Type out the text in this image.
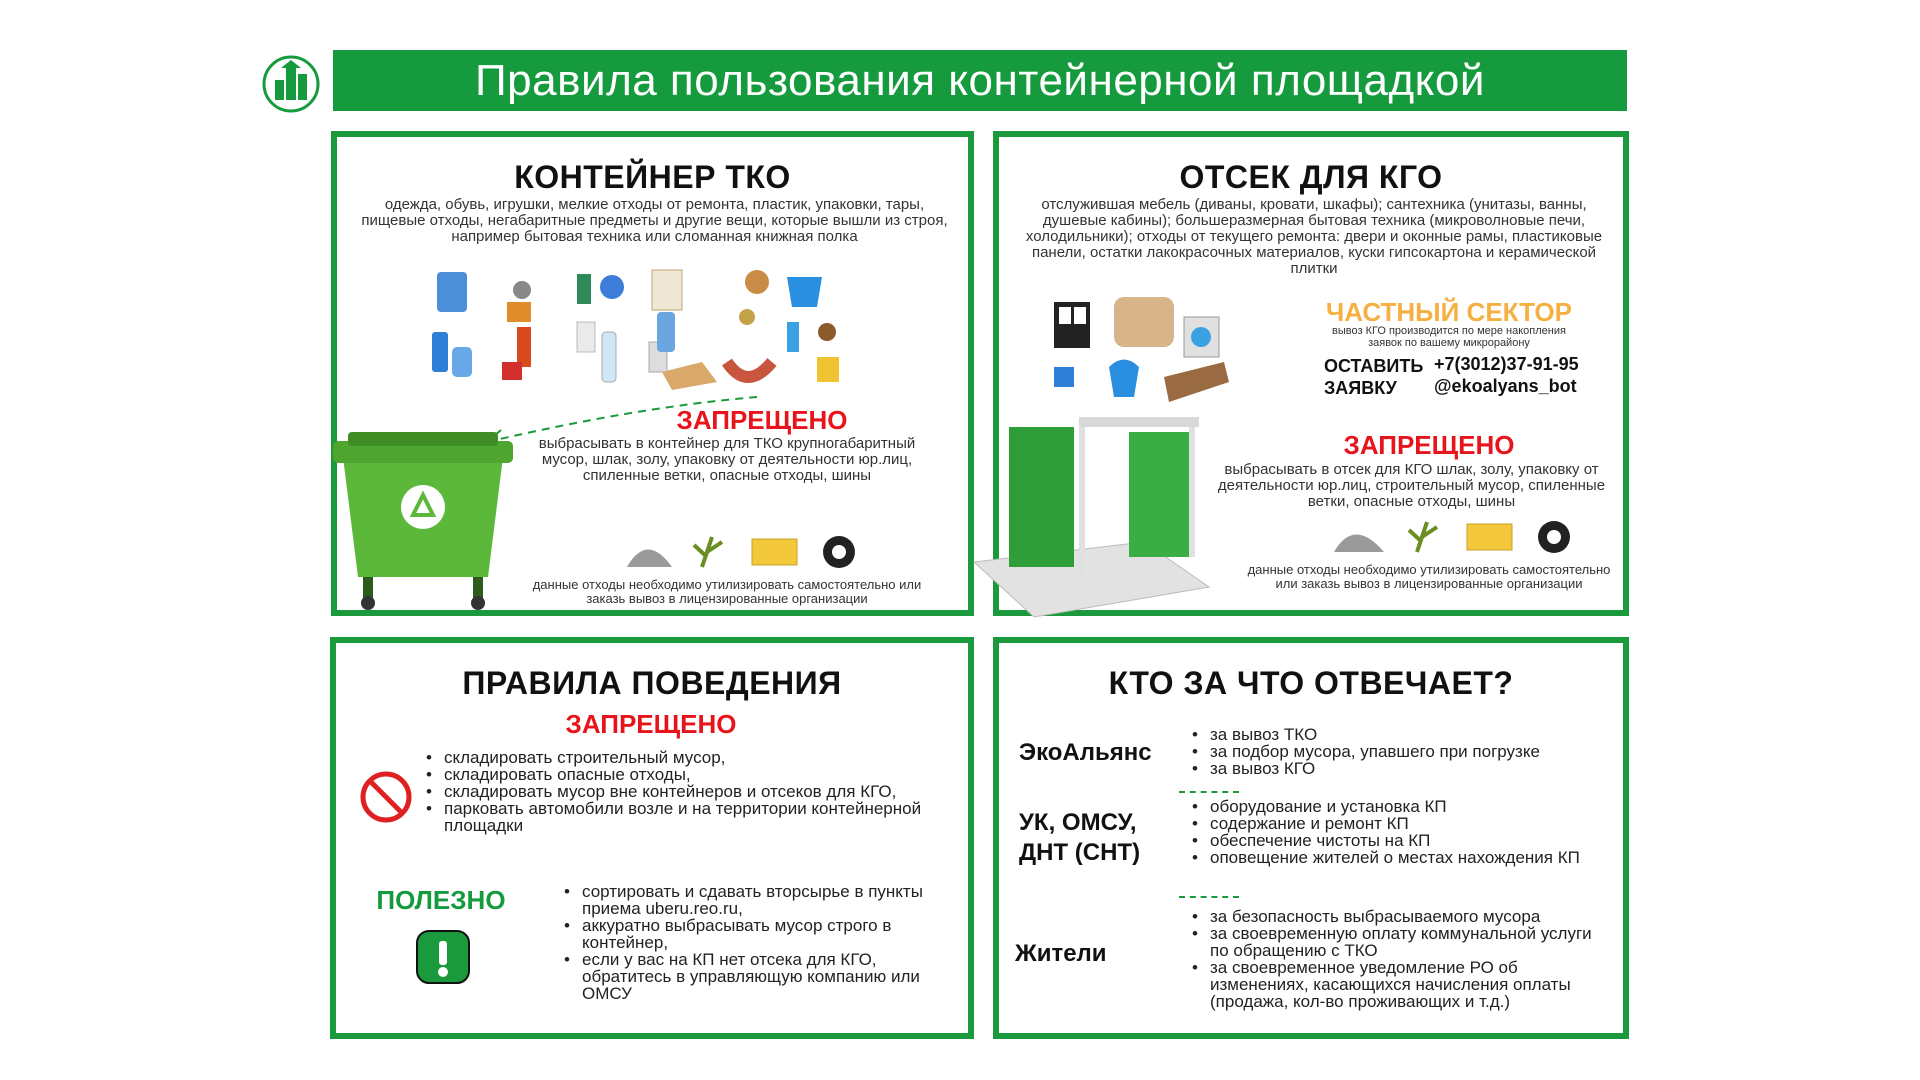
Правила пользования контейнерной площадкой
КОНТЕЙНЕР ТКО
одежда, обувь, игрушки, мелкие отходы от ремонта, пластик, упаковки, тары, пищевые отходы, негабаритные предметы и другие вещи, которые вышли из строя, например бытовая техника или сломанная книжная полка
ЗАПРЕЩЕНО
выбрасывать в контейнер для ТКО крупногабаритный мусор, шлак, золу, упаковку от деятельности юр.лиц, спиленные ветки, опасные отходы, шины
данные отходы необходимо утилизировать самостоятельно или заказь вывоз в лицензированные организации
ОТСЕК ДЛЯ КГО
отслужившая мебель (диваны, кровати, шкафы); сантехника (унитазы, ванны, душевые кабины); большеразмерная бытовая техника (микроволновые печи, холодильники); отходы от текущего ремонта: двери и оконные рамы, пластиковые панели, остатки лакокрасочных материалов, куски гипсокартона и керамической плитки
ЧАСТНЫЙ СЕКТОР
вывоз КГО производится по мере накопления заявок по вашему микрорайону
ОСТАВИТЬ
ЗАЯВКУ
+7(3012)37-91-95
@ekoalyans_bot
ЗАПРЕЩЕНО
выбрасывать в отсек для КГО шлак, золу, упаковку от деятельности юр.лиц, строительный мусор, спиленные ветки, опасные отходы, шины
данные отходы необходимо утилизировать самостоятельно или заказь вывоз в лицензированные организации
ПРАВИЛА ПОВЕДЕНИЯ
ЗАПРЕЩЕНО
• складировать строительный мусор,
• складировать опасные отходы,
• складировать мусор вне контейнеров и отсеков для КГО,
• парковать автомобили возле и на территории контейнерной площадки
ПОЛЕЗНО
•	сортировать и сдавать вторсырье в пункты приема uberu.reo.ru,
• аккуратно выбрасывать мусор строго в контейнер,
• если у вас на КП нет отсека для КГО, обратитесь в управляющую компанию или ОМСУ
КТО ЗА ЧТО ОТВЕЧАЕТ?
ЭкоАльянс
• за вывоз ТКО
• за подбор мусора, упавшего при погрузке
• за вывоз КГО
УК, ОМСУ, ДНТ (СНТ)
• оборудование и установка КП
• содержание и ремонт КП
• обеспечение чистоты на КП
• оповещение жителей о местах нахождения КП
Жители
• за безопасность выбрасываемого мусора
• за своевременную оплату коммунальной услуги по обращению с ТКО
• за своевременное уведомление РО об изменениях, касающихся начисления оплаты (продажа, кол-во проживающих и т.д.)
